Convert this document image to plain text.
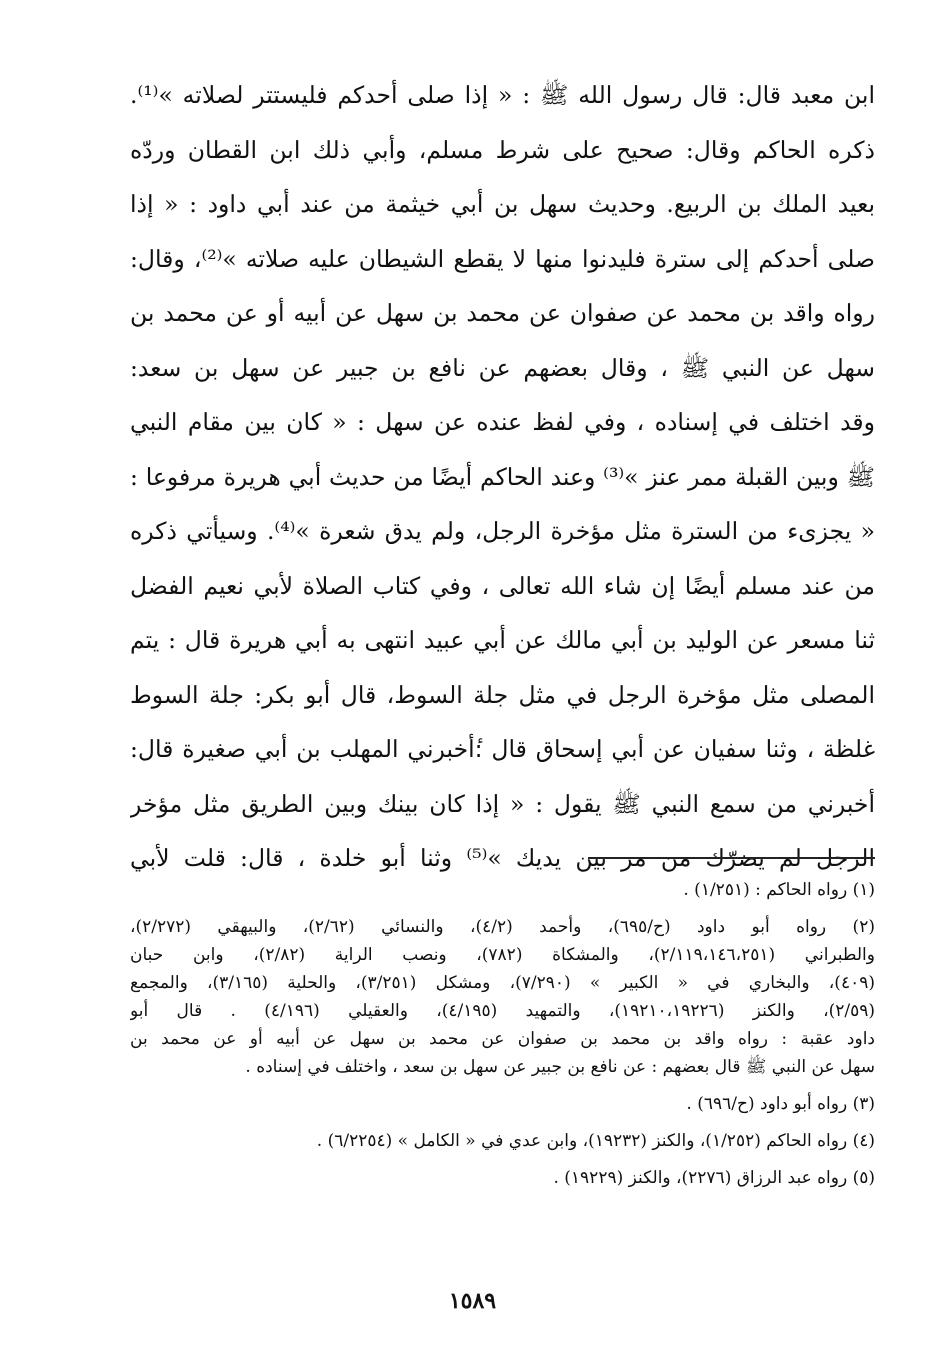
ابن معبد قال: قال رسول الله ﷺ : « إذا صلى أحدكم فليستتر لصلاته »⁽¹⁾.
ذكره الحاكم وقال: صحيح على شرط مسلم، وأبي ذلك ابن القطان وردّه
بعيد الملك بن الربيع. وحديث سهل بن أبي خيثمة من عند أبي داود : « إذا
صلى أحدكم إلى سترة فليدنوا منها لا يقطع الشيطان عليه صلاته »⁽²⁾، وقال:
رواه واقد بن محمد عن صفوان عن محمد بن سهل عن أبيه أو عن محمد بن
سهل عن النبي ﷺ ، وقال بعضهم عن نافع بن جبير عن سهل بن سعد:
وقد اختلف في إسناده ، وفي لفظ عنده عن سهل : « كان بين مقام النبي
ﷺ وبين القبلة ممر عنز »⁽³⁾ وعند الحاكم أيضًا من حديث أبي هريرة مرفوعا :
« يجزىء من السترة مثل مؤخرة الرجل، ولم يدق شعرة »⁽⁴⁾. وسيأتي ذكره
من عند مسلم أيضًا إن شاء الله تعالى ، وفي كتاب الصلاة لأبي نعيم الفضل
ثنا مسعر عن الوليد بن أبي مالك عن أبي عبيد انتهى به أبي هريرة قال : يتم
المصلى مثل مؤخرة الرجل في مثل جلة السوط، قال أبو بكر: جلة السوط
غلظة ، وثنا سفيان عن أبي إسحاق قال :ٔأخبرني المهلب بن أبي صغيرة قال:
أخبرني من سمع النبي ﷺ يقول : « إذا كان بينك وبين الطريق مثل مؤخر
الرجل لم يضرّك من مر بين يديك »⁽⁵⁾ وثنا أبو خلدة ، قال: قلت لأبي
(١) رواه الحاكم : (١/٢٥١) .
(٢) رواه أبو داود (ح/٦٩٥)، وأحمد (٤/٢)، والنسائي (٢/٦٢)، والبيهقي (٢/٢٧٢)،
والطبراني (٢/١١٩،١٤٦،٢٥١)، والمشكاة (٧٨٢)، ونصب الراية (٢/٨٢)، وابن حبان
(٤٠٩)، والبخاري في « الكبير » (٧/٢٩٠)، ومشكل (٣/٢٥١)، والحلية (٣/١٦٥)، والمجمع
(٢/٥٩)، والكنز (١٩٢١٠،١٩٢٢٦)، والتمهيد (٤/١٩٥)، والعقيلي (٤/١٩٦) . قال أبو
داود عقبة : رواه واقد بن محمد بن صفوان عن محمد بن سهل عن أبيه أو عن محمد بن
سهل عن النبي ﷺ قال بعضهم : عن نافع بن جبير عن سهل بن سعد ، واختلف في إسناده .
(٣) رواه أبو داود (ح/٦٩٦) .
(٤) رواه الحاكم (١/٢٥٢)، والكنز (١٩٢٣٢)، وابن عدي في « الكامل » (٦/٢٢٥٤) .
(٥) رواه عبد الرزاق (٢٢٧٦)، والكنز (١٩٢٢٩) .
١٥٨٩
